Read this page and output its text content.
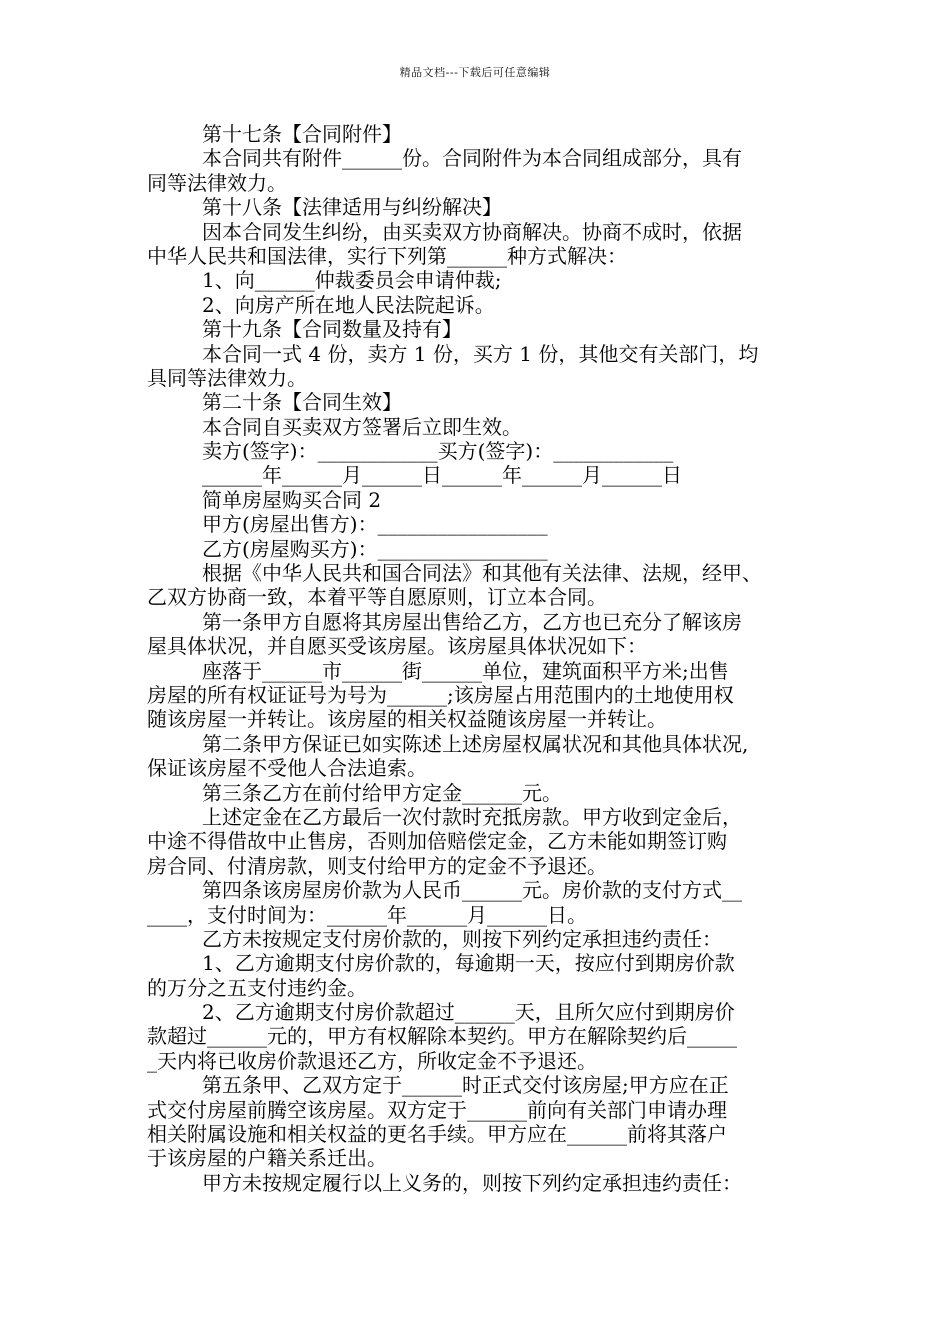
精品文档---下载后可任意编辑
第十七条【合同附件】
本合同共有附件______份。合同附件为本合同组成部分，具有
同等法律效力。
第十八条【法律适用与纠纷解决】
因本合同发生纠纷，由买卖双方协商解决。协商不成时，依据
中华人民共和国法律，实行下列第______种方式解决：
1、向______仲裁委员会申请仲裁;
2、向房产所在地人民法院起诉。
第十九条【合同数量及持有】
本合同一式 4 份，卖方 1 份，买方 1 份，其他交有关部门，均
具同等法律效力。
第二十条【合同生效】
本合同自买卖双方签署后立即生效。
卖方(签字)：____________买方(签字)：____________
______年______月______日______年______月______日
简单房屋购买合同 2
甲方(房屋出售方)：_________________
乙方(房屋购买方)：_________________
根据《中华人民共和国合同法》和其他有关法律、法规，经甲、
乙双方协商一致，本着平等自愿原则，订立本合同。
第一条甲方自愿将其房屋出售给乙方，乙方也已充分了解该房
屋具体状况，并自愿买受该房屋。该房屋具体状况如下：
座落于______市______街______单位，建筑面积平方米;出售
房屋的所有权证证号为号为______;该房屋占用范围内的土地使用权
随该房屋一并转让。该房屋的相关权益随该房屋一并转让。
第二条甲方保证已如实陈述上述房屋权属状况和其他具体状况,
保证该房屋不受他人合法追索。
第三条乙方在前付给甲方定金______元。
上述定金在乙方最后一次付款时充抵房款。甲方收到定金后，
中途不得借故中止售房，否则加倍赔偿定金，乙方未能如期签订购
房合同、付清房款，则支付给甲方的定金不予退还。
第四条该房屋房价款为人民币______元。房价款的支付方式__
____，支付时间为：______年______月______日。
乙方未按规定支付房价款的，则按下列约定承担违约责任：
1、乙方逾期支付房价款的，每逾期一天，按应付到期房价款
的万分之五支付违约金。
2、乙方逾期支付房价款超过______天，且所欠应付到期房价
款超过______元的，甲方有权解除本契约。甲方在解除契约后_____
_天内将已收房价款退还乙方，所收定金不予退还。
第五条甲、乙双方定于______时正式交付该房屋;甲方应在正
式交付房屋前腾空该房屋。双方定于______前向有关部门申请办理
相关附属设施和相关权益的更名手续。甲方应在______前将其落户
于该房屋的户籍关系迁出。
甲方未按规定履行以上义务的，则按下列约定承担违约责任：
